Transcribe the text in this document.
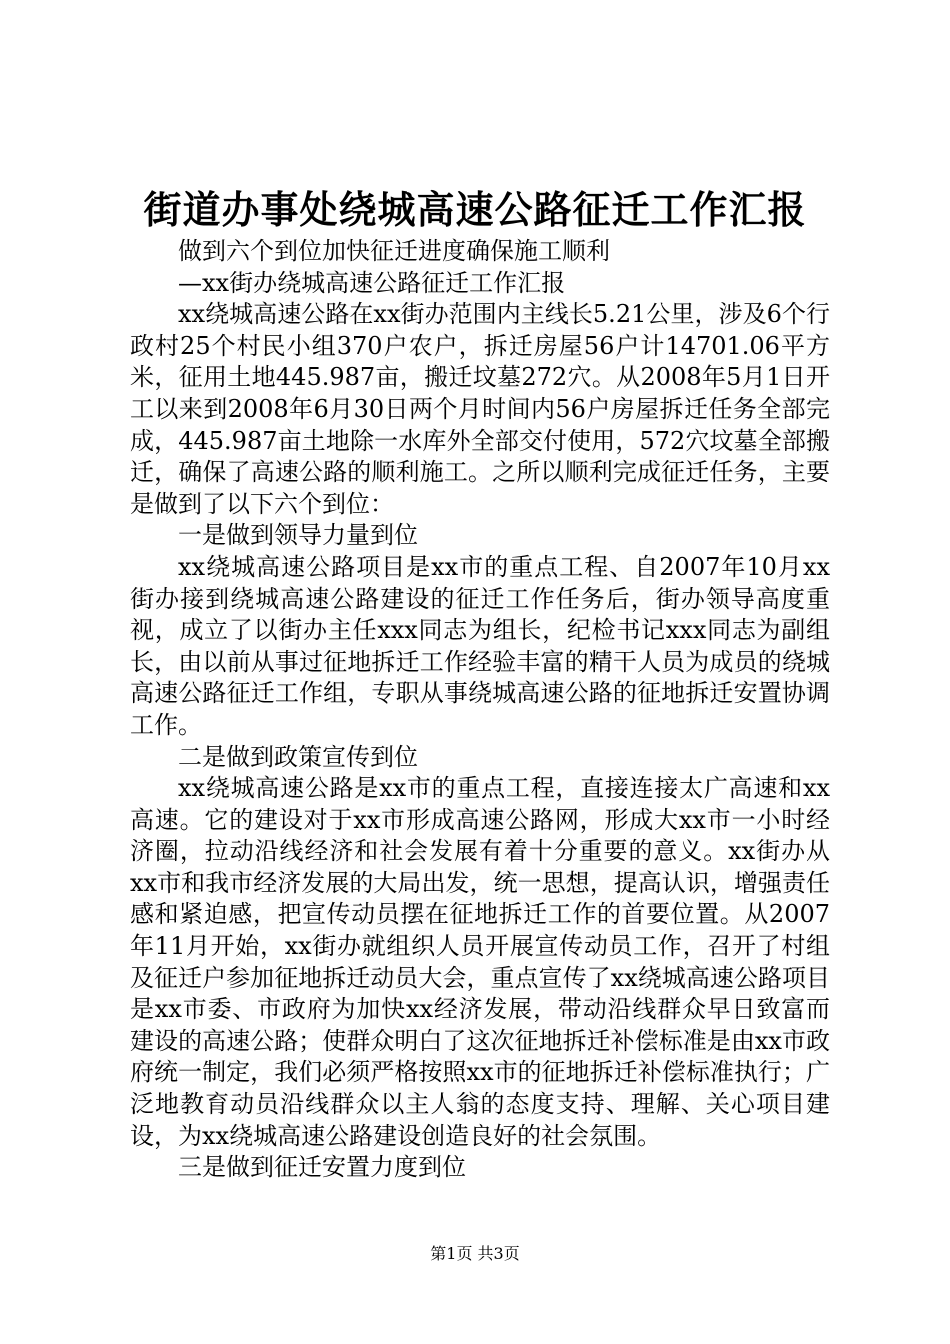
街道办事处绕城高速公路征迁工作汇报

做到六个到位加快征迁进度确保施工顺利

—xx街办绕城高速公路征迁工作汇报

xx绕城高速公路在xx街办范围内主线长5.21公里，涉及6个行政村25个村民小组370户农户，拆迁房屋56户计14701.06平方米，征用土地445.987亩，搬迁坟墓272穴。从2008年5月1日开工以来到2008年6月30日两个月时间内56户房屋拆迁任务全部完成，445.987亩土地除一水库外全部交付使用，572穴坟墓全部搬迁，确保了高速公路的顺利施工。之所以顺利完成征迁任务，主要是做到了以下六个到位：

一是做到领导力量到位

xx绕城高速公路项目是xx市的重点工程、自2007年10月xx街办接到绕城高速公路建设的征迁工作任务后，街办领导高度重视，成立了以街办主任xxx同志为组长，纪检书记xxx同志为副组长，由以前从事过征地拆迁工作经验丰富的精干人员为成员的绕城高速公路征迁工作组，专职从事绕城高速公路的征地拆迁安置协调工作。

二是做到政策宣传到位

xx绕城高速公路是xx市的重点工程，直接连接太广高速和xx高速。它的建设对于xx市形成高速公路网，形成大xx市一小时经济圈，拉动沿线经济和社会发展有着十分重要的意义。xx街办从xx市和我市经济发展的大局出发，统一思想，提高认识，增强责任感和紧迫感，把宣传动员摆在征地拆迁工作的首要位置。从2007年11月开始，xx街办就组织人员开展宣传动员工作，召开了村组及征迁户参加征地拆迁动员大会，重点宣传了xx绕城高速公路项目是xx市委、市政府为加快xx经济发展，带动沿线群众早日致富而建设的高速公路；使群众明白了这次征地拆迁补偿标准是由xx市政府统一制定，我们必须严格按照xx市的征地拆迁补偿标准执行；广泛地教育动员沿线群众以主人翁的态度支持、理解、关心项目建设，为xx绕城高速公路建设创造良好的社会氛围。

三是做到征迁安置力度到位

第1页 共3页
